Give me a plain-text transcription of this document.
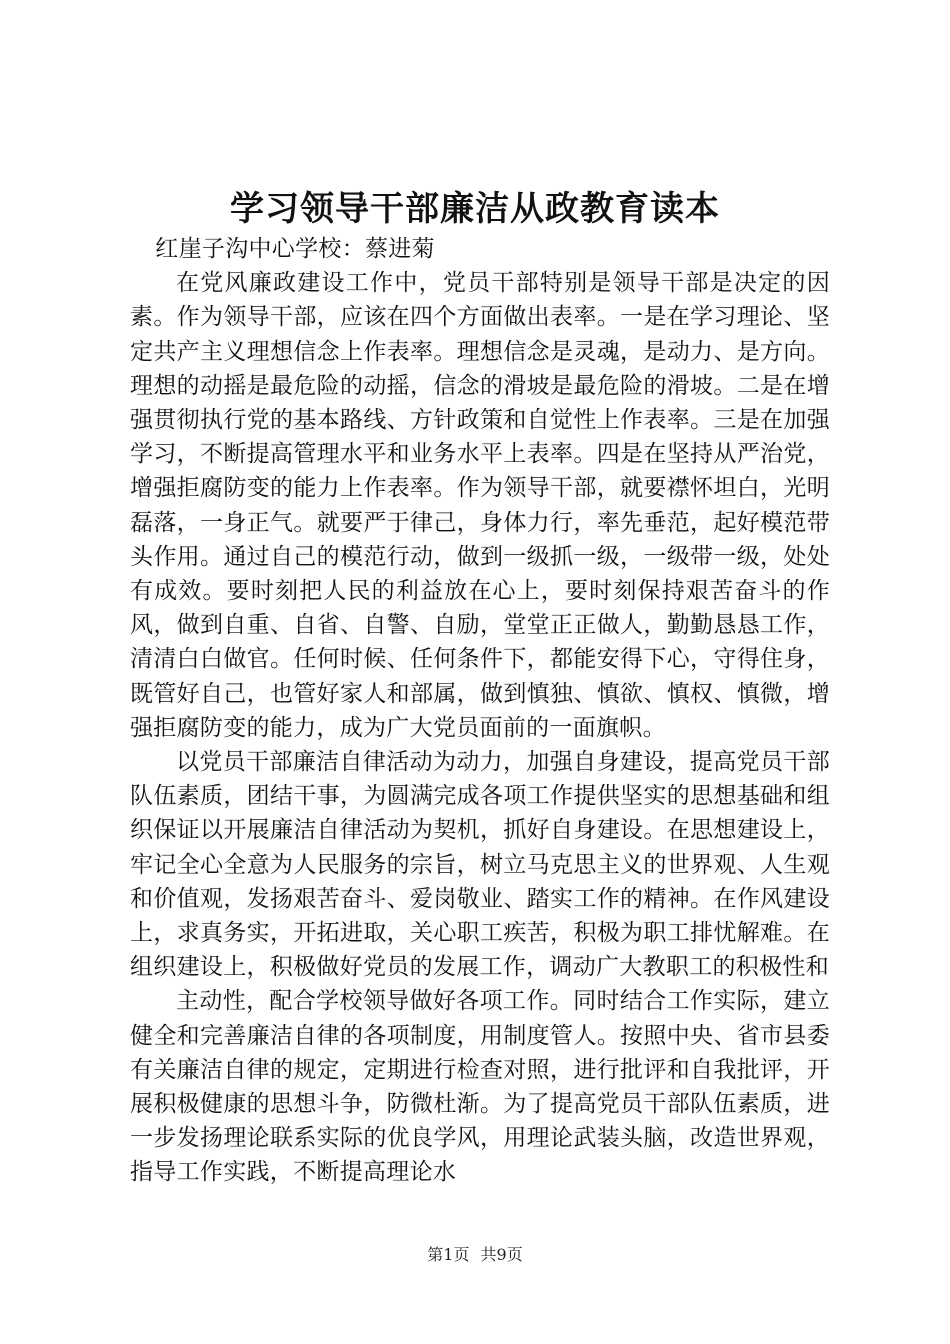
学习领导干部廉洁从政教育读本

红崖子沟中心学校：蔡进菊

在党风廉政建设工作中，党员干部特别是领导干部是决定的因素。作为领导干部，应该在四个方面做出表率。一是在学习理论、坚定共产主义理想信念上作表率。理想信念是灵魂，是动力、是方向。理想的动摇是最危险的动摇，信念的滑坡是最危险的滑坡。二是在增强贯彻执行党的基本路线、方针政策和自觉性上作表率。三是在加强学习，不断提高管理水平和业务水平上表率。四是在坚持从严治党，增强拒腐防变的能力上作表率。作为领导干部，就要襟怀坦白，光明磊落，一身正气。就要严于律己，身体力行，率先垂范，起好模范带头作用。通过自己的模范行动，做到一级抓一级，一级带一级，处处有成效。要时刻把人民的利益放在心上，要时刻保持艰苦奋斗的作风，做到自重、自省、自警、自励，堂堂正正做人，勤勤恳恳工作，清清白白做官。任何时候、任何条件下，都能安得下心，守得住身，既管好自己，也管好家人和部属，做到慎独、慎欲、慎权、慎微，增强拒腐防变的能力，成为广大党员面前的一面旗帜。

以党员干部廉洁自律活动为动力，加强自身建设，提高党员干部队伍素质，团结干事，为圆满完成各项工作提供坚实的思想基础和组织保证以开展廉洁自律活动为契机，抓好自身建设。在思想建设上，牢记全心全意为人民服务的宗旨，树立马克思主义的世界观、人生观和价值观，发扬艰苦奋斗、爱岗敬业、踏实工作的精神。在作风建设上，求真务实，开拓进取，关心职工疾苦，积极为职工排忧解难。在组织建设上，积极做好党员的发展工作，调动广大教职工的积极性和

主动性，配合学校领导做好各项工作。同时结合工作实际，建立健全和完善廉洁自律的各项制度，用制度管人。按照中央、省市县委有关廉洁自律的规定，定期进行检查对照，进行批评和自我批评，开展积极健康的思想斗争，防微杜渐。为了提高党员干部队伍素质，进一步发扬理论联系实际的优良学风，用理论武装头脑，改造世界观，指导工作实践，不断提高理论水

第1页 共9页
